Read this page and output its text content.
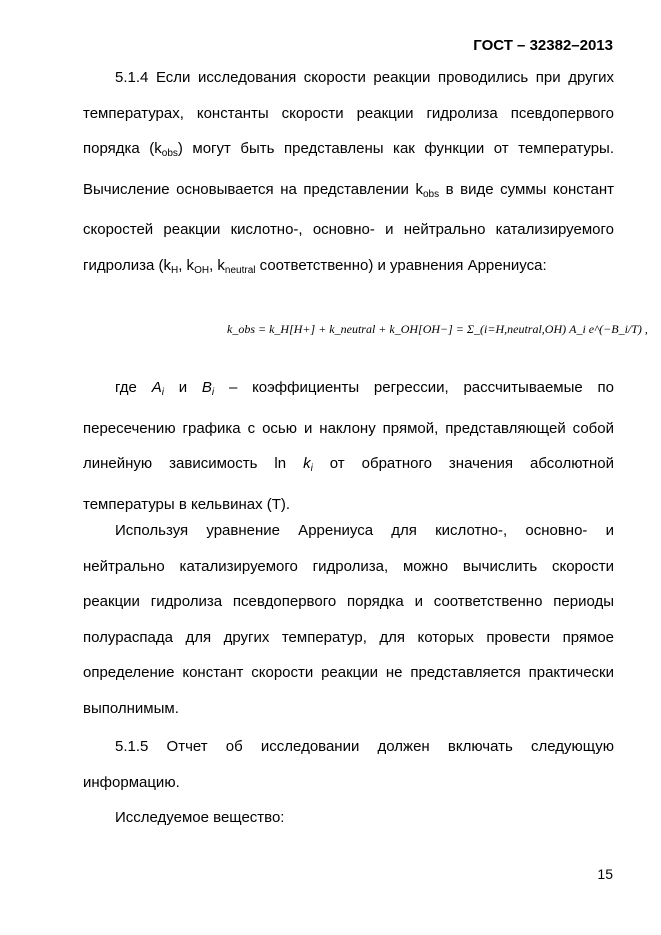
ГОСТ – 32382–2013

5.1.4 Если исследования скорости реакции проводились при других температурах, константы скорости реакции гидролиза псевдопервого порядка $(k_{obs})$ могут быть представлены как функции от температуры. Вычисление основывается на представлении $k_{obs}$ в виде суммы констант скоростей реакции кислотно-, основно- и нейтрально катализируемого гидролиза ($k_H$, $k_{OH}$, $k_{neutral}$ соответственно) и уравнения Аррениуса:

k_obs = k_H[H+] + k_neutral + k_OH[OH−] = Σ_(i=H,neutral,OH) A_i e^(−B_i/T) ,

где $A_i$ и $B_i$ – коэффициенты регрессии, рассчитываемые по пересечению графика с осью и наклону прямой, представляющей собой линейную зависимость $\ln k_i$ от обратного значения абсолютной температуры в кельвинах (T).

Используя уравнение Аррениуса для кислотно-, основно- и нейтрально катализируемого гидролиза, можно вычислить скорости реакции гидролиза псевдопервого порядка и соответственно периоды полураспада для других температур, для которых провести прямое определение констант скорости реакции не представляется практически выполнимым.

5.1.5 Отчет об исследовании должен включать следующую информацию.

Исследуемое вещество:

15
